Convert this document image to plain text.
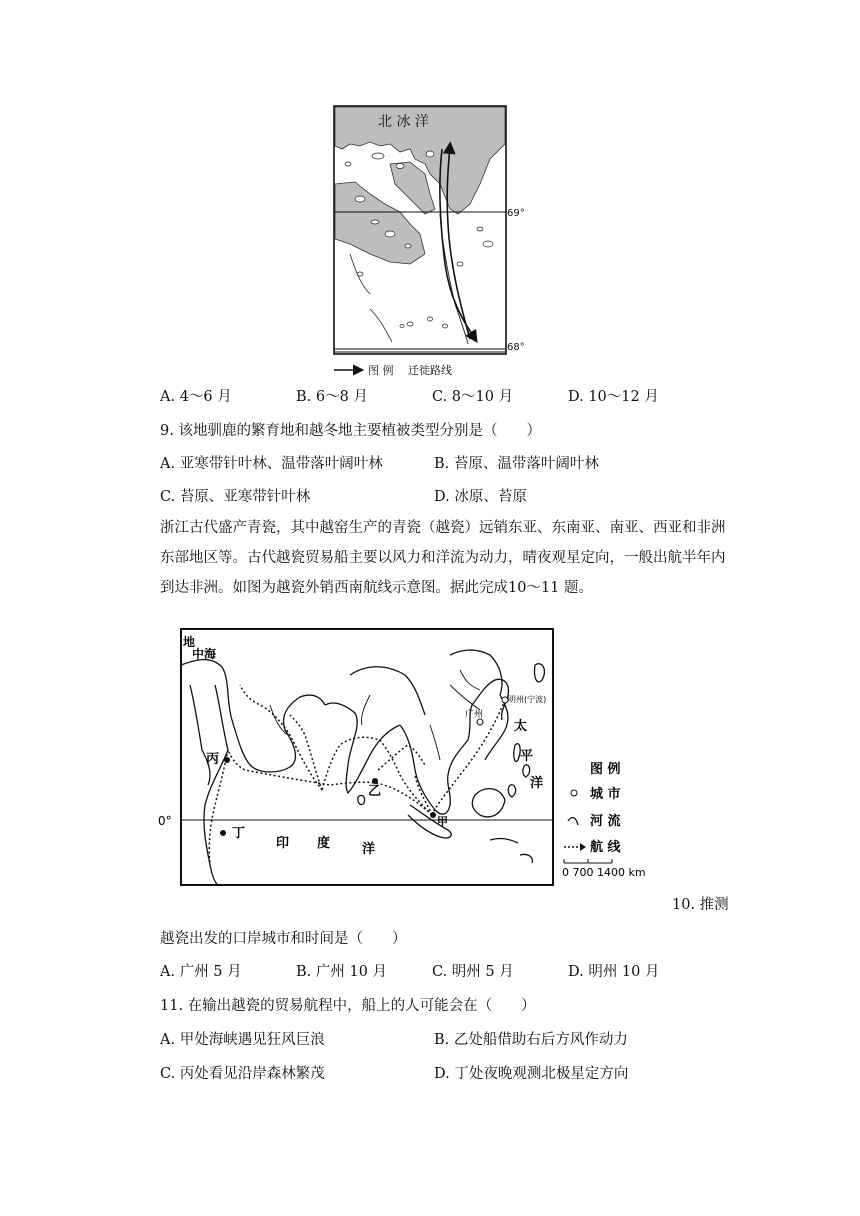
北 冰 洋
69°
68°
图 例 迁徙路线
A. 4～6 月	B. 6～8 月	C. 8～10 月	D. 10～12 月
9. 该地驯鹿的繁育地和越冬地主要植被类型分别是（　　）
A. 亚寒带针叶林、温带落叶阔叶林	B. 苔原、温带落叶阔叶林
C. 苔原、亚寒带针叶林	D. 冰原、苔原
浙江古代盛产青瓷，其中越窑生产的青瓷（越瓷）远销东亚、东南亚、南亚、西亚和非洲东部地区等。古代越瓷贸易船主要以风力和洋流为动力，晴夜观星定向，一般出航半年内到达非洲。如图为越瓷外销西南航线示意图。据此完成10～11 题。
地
中海
广州
明州(宁波)
太
平
洋
丙
乙
甲
丁
0°
印 度 洋
图 例
城 市
河 流
航 线
0 700 1400 km
10. 推测
越瓷出发的口岸城市和时间是（　　）
A. 广州 5 月	B. 广州 10 月	C. 明州 5 月	D. 明州 10 月
11. 在输出越瓷的贸易航程中，船上的人可能会在（　　）
A. 甲处海峡遇见狂风巨浪	B. 乙处船借助右后方风作动力
C. 丙处看见沿岸森林繁茂	D. 丁处夜晚观测北极星定方向
